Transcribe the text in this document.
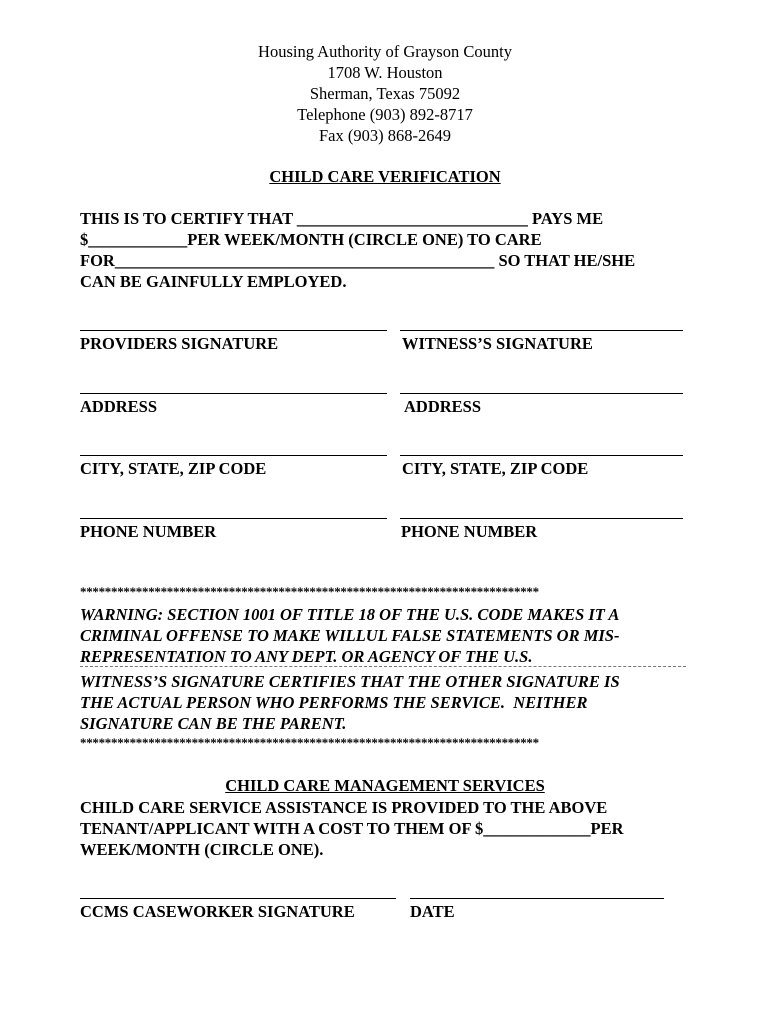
Housing Authority of Grayson County
1708 W. Houston
Sherman, Texas 75092
Telephone (903) 892-8717
Fax (903) 868-2649
CHILD CARE VERIFICATION
THIS IS TO CERTIFY THAT ____________________________ PAYS ME
$____________PER WEEK/MONTH (CIRCLE ONE) TO CARE
FOR______________________________________________ SO THAT HE/SHE
CAN BE GAINFULLY EMPLOYED.
PROVIDERS SIGNATURE
ADDRESS
CITY, STATE, ZIP CODE
PHONE NUMBER
WITNESS’S SIGNATURE
ADDRESS
CITY, STATE, ZIP CODE
PHONE NUMBER
**************************************************************************
WARNING: SECTION 1001 OF TITLE 18 OF THE U.S. CODE MAKES IT A
CRIMINAL OFFENSE TO MAKE WILLUL FALSE STATEMENTS OR MIS-
REPRESENTATION TO ANY DEPT. OR AGENCY OF THE U.S.
WITNESS’S SIGNATURE CERTIFIES THAT THE OTHER SIGNATURE IS
THE ACTUAL PERSON WHO PERFORMS THE SERVICE.  NEITHER
SIGNATURE CAN BE THE PARENT.
**************************************************************************
CHILD CARE MANAGEMENT SERVICES
CHILD CARE SERVICE ASSISTANCE IS PROVIDED TO THE ABOVE
TENANT/APPLICANT WITH A COST TO THEM OF $_____________PER
WEEK/MONTH (CIRCLE ONE).
CCMS CASEWORKER SIGNATURE	DATE
